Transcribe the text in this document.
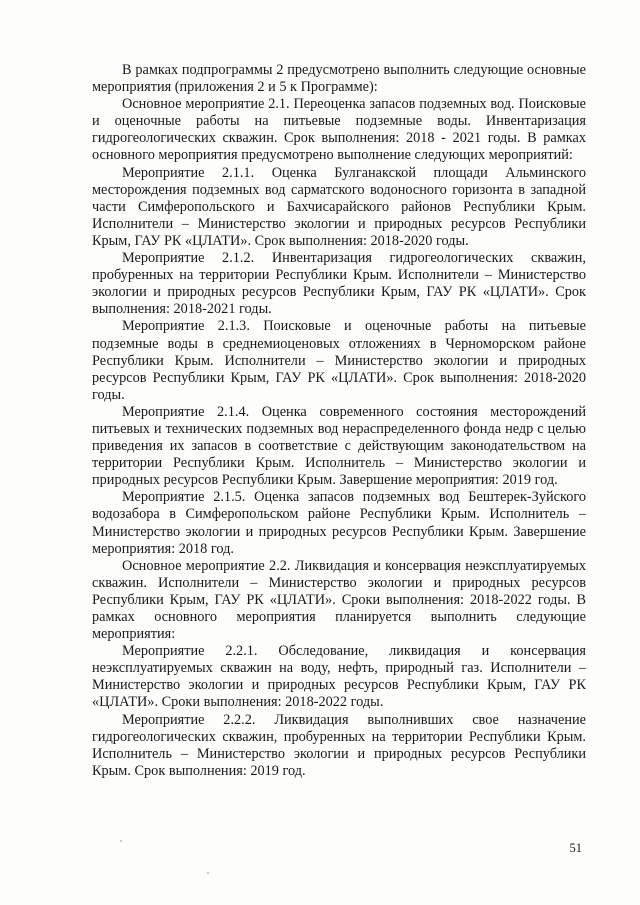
В рамках подпрограммы 2 предусмотрено выполнить следующие основные мероприятия (приложения 2 и 5 к Программе):

Основное мероприятие 2.1. Переоценка запасов подземных вод. Поисковые и оценочные работы на питьевые подземные воды. Инвентаризация гидрогеологических скважин. Срок выполнения: 2018 - 2021 годы. В рамках основного мероприятия предусмотрено выполнение следующих мероприятий:

Мероприятие 2.1.1. Оценка Булганакской площади Альминского месторождения подземных вод сарматского водоносного горизонта в западной части Симферопольского и Бахчисарайского районов Республики Крым. Исполнители – Министерство экологии и природных ресурсов Республики Крым, ГАУ РК «ЦЛАТИ». Срок выполнения: 2018-2020 годы.

Мероприятие 2.1.2. Инвентаризация гидрогеологических скважин, пробуренных на территории Республики Крым. Исполнители – Министерство экологии и природных ресурсов Республики Крым, ГАУ РК «ЦЛАТИ». Срок выполнения: 2018-2021 годы.

Мероприятие 2.1.3. Поисковые и оценочные работы на питьевые подземные воды в среднемиоценовых отложениях в Черноморском районе Республики Крым. Исполнители – Министерство экологии и природных ресурсов Республики Крым, ГАУ РК «ЦЛАТИ». Срок выполнения: 2018-2020 годы.

Мероприятие 2.1.4. Оценка современного состояния месторождений питьевых и технических подземных вод нераспределенного фонда недр с целью приведения их запасов в соответствие с действующим законодательством на территории Республики Крым. Исполнитель – Министерство экологии и природных ресурсов Республики Крым. Завершение мероприятия: 2019 год.

Мероприятие 2.1.5. Оценка запасов подземных вод Бештерек-Зуйского водозабора в Симферопольском районе Республики Крым. Исполнитель – Министерство экологии и природных ресурсов Республики Крым. Завершение мероприятия: 2018 год.

Основное мероприятие 2.2. Ликвидация и консервация неэксплуатируемых скважин. Исполнители – Министерство экологии и природных ресурсов Республики Крым, ГАУ РК «ЦЛАТИ». Сроки выполнения: 2018-2022 годы. В рамках основного мероприятия планируется выполнить следующие мероприятия:

Мероприятие 2.2.1. Обследование, ликвидация и консервация неэксплуатируемых скважин на воду, нефть, природный газ. Исполнители – Министерство экологии и природных ресурсов Республики Крым, ГАУ РК «ЦЛАТИ». Сроки выполнения: 2018-2022 годы.

Мероприятие 2.2.2. Ликвидация выполнивших свое назначение гидрогеологических скважин, пробуренных на территории Республики Крым. Исполнитель – Министерство экологии и природных ресурсов Республики Крым. Срок выполнения: 2019 год.

51
